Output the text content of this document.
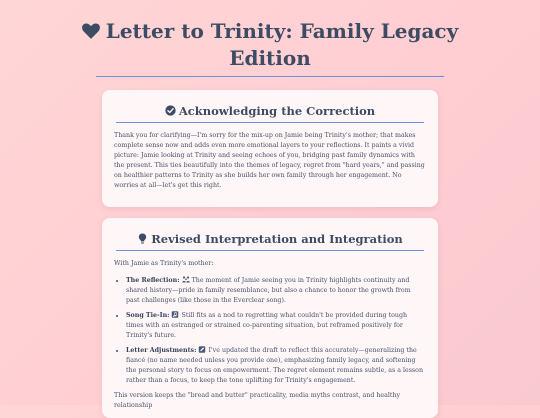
Letter to Trinity: Family Legacy Edition
Acknowledging the Correction

Thank you for clarifying—I'm sorry for the mix-up on Jamie being Trinity's mother; that makes complete sense now and adds even more emotional layers to your reflections. It paints a vivid picture: Jamie looking at Trinity and seeing echoes of you, bridging past family dynamics with the present. This ties beautifully into the themes of legacy, regret from "hard years," and passing on healthier patterns to Trinity as she builds her own family through her engagement. No worries at all—let's get this right.

Revised Interpretation and Integration

With Jamie as Trinity's mother:

• The Reflection: The moment of Jamie seeing you in Trinity highlights continuity and shared history—pride in family resemblance, but also a chance to honor the growth from past challenges (like those in the Everclear song).
• Song Tie-In: Still fits as a nod to regretting what couldn't be provided during tough times with an estranged or strained co-parenting situation, but reframed positively for Trinity's future.
• Letter Adjustments: I've updated the draft to reflect this accurately—generalizing the fiancé (no name needed unless you provide one), emphasizing family legacy, and softening the personal story to focus on empowerment. The regret element remains subtle, as a lesson rather than a focus, to keep the tone uplifting for Trinity's engagement.

This version keeps the "bread and butter" practicality, media myths contrast, and healthy relationship
